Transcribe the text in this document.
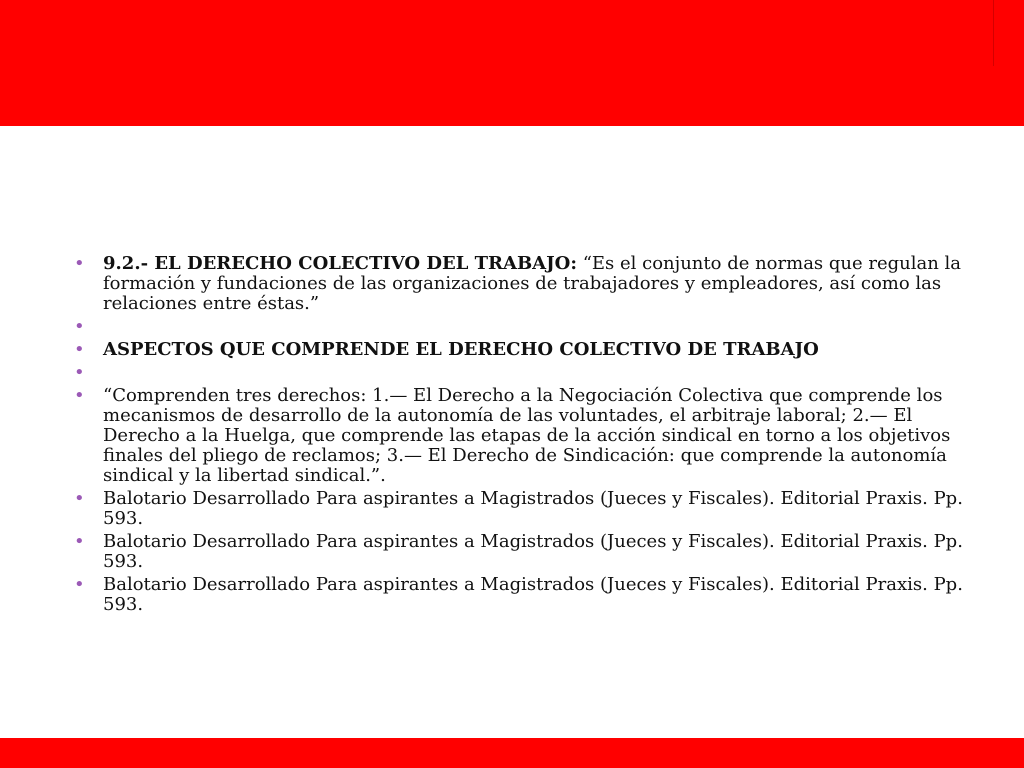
• 9.2.- EL DERECHO COLECTIVO DEL TRABAJO: “Es el conjunto de normas que regulan la formación y fundaciones de las organizaciones de trabajadores y empleadores, así como las relaciones entre éstas.”
•
• ASPECTOS QUE COMPRENDE EL DERECHO COLECTIVO DE TRABAJO
•
• “Comprenden tres derechos: 1.— El Derecho a la Negociación Colectiva que comprende los mecanismos de desarrollo de la autonomía de las voluntades, el arbitraje laboral; 2.— El Derecho a la Huelga, que comprende las etapas de la acción sindical en torno a los objetivos finales del pliego de reclamos; 3.— El Derecho de Sindicación: que comprende la autonomía sindical y la libertad sindical.”.
• Balotario Desarrollado Para aspirantes a Magistrados (Jueces y Fiscales). Editorial Praxis. Pp. 593.
• Balotario Desarrollado Para aspirantes a Magistrados (Jueces y Fiscales). Editorial Praxis. Pp. 593.
• Balotario Desarrollado Para aspirantes a Magistrados (Jueces y Fiscales). Editorial Praxis. Pp. 593.
